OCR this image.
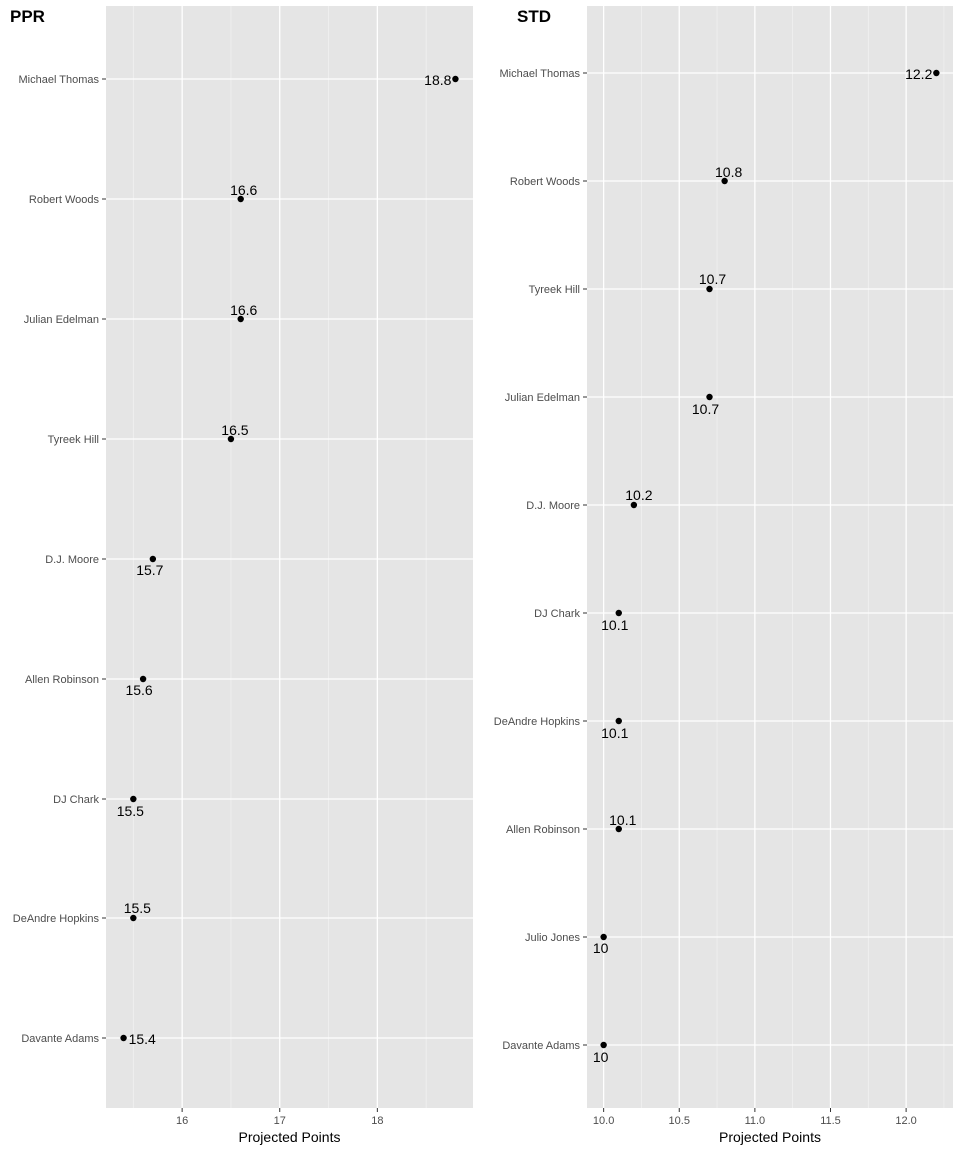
16	17	18
Michael Thomas
Robert Woods
Julian Edelman
Tyreek Hill
D.J. Moore
Allen Robinson
DJ Chark
DeAndre Hopkins
Davante Adams
18.8
16.6
16.6
16.5
15.7
15.6
15.5
15.5
15.4
Projected Points
PPR
10.0	10.5	11.0	11.5	12.0
Michael Thomas
Robert Woods
Tyreek Hill
Julian Edelman
D.J. Moore
DJ Chark
DeAndre Hopkins
Allen Robinson
Julio Jones
Davante Adams
12.2
10.8
10.7
10.7
10.2
10.1
10.1
10.1
10
10
Projected Points
STD
